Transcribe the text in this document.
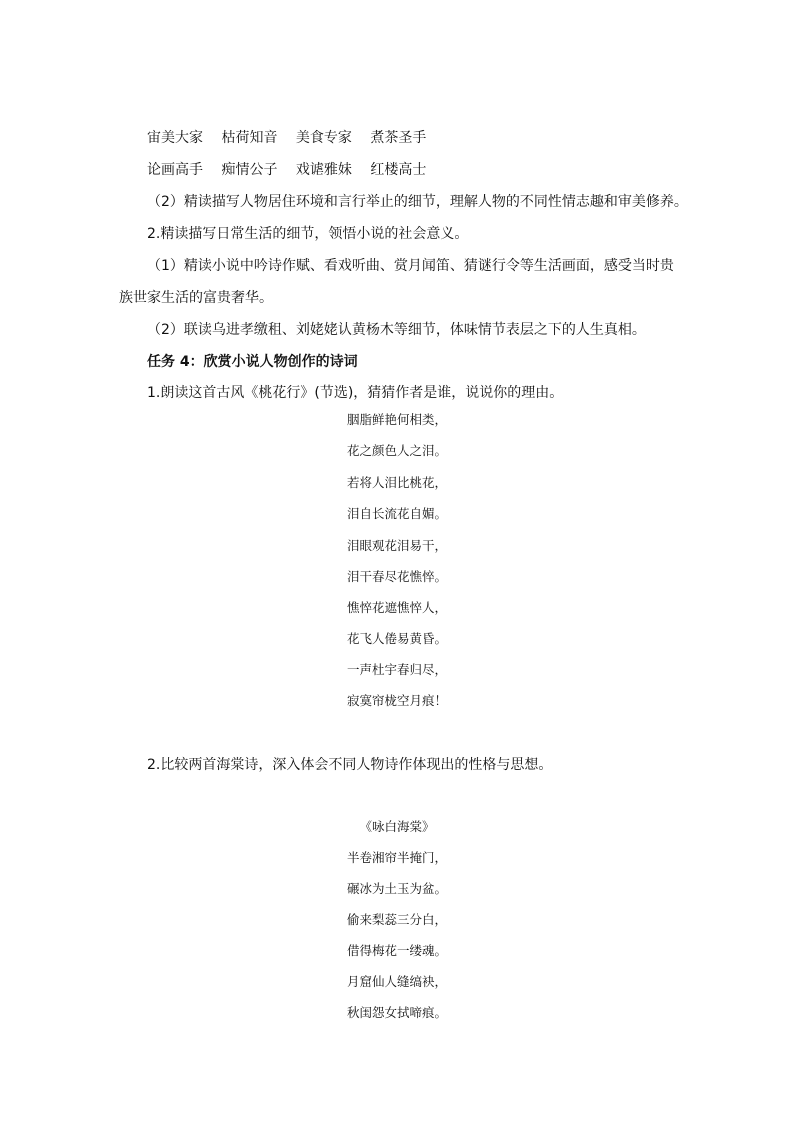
宙美大家 枯荷知音 美食专家 煮茶圣手
论画高手 痴情公子 戏谑雅妹 红楼高士
（2）精读描写人物居住环境和言行举止的细节，理解人物的不同性情志趣和审美修养。
2.精读描写日常生活的细节，领悟小说的社会意义。
（1）精读小说中吟诗作赋、看戏听曲、赏月闻笛、猜谜行令等生活画面，感受当时贵
族世家生活的富贵奢华。
（2）联读乌进孝缴租、刘姥姥认黄杨木等细节，体味情节表层之下的人生真相。
任务 4：欣赏小说人物创作的诗词
1.朗读这首古风《桃花行》(节选)，猜猜作者是谁，说说你的理由。
胭脂鲜艳何相类，
花之颜色人之泪。
若将人泪比桃花，
泪自长流花自媚。
泪眼观花泪易干，
泪干春尽花憔悴。
憔悴花遮憔悴人，
花飞人倦易黄昏。
一声杜宇春归尽，
寂寞帘栊空月痕！
2.比较两首海棠诗，深入体会不同人物诗作体现出的性格与思想。
《咏白海棠》
半卷湘帘半掩门，
碾冰为土玉为盆。
偷来梨蕊三分白，
借得梅花一缕魂。
月窟仙人缝缟袂，
秋闺怨女拭啼痕。
